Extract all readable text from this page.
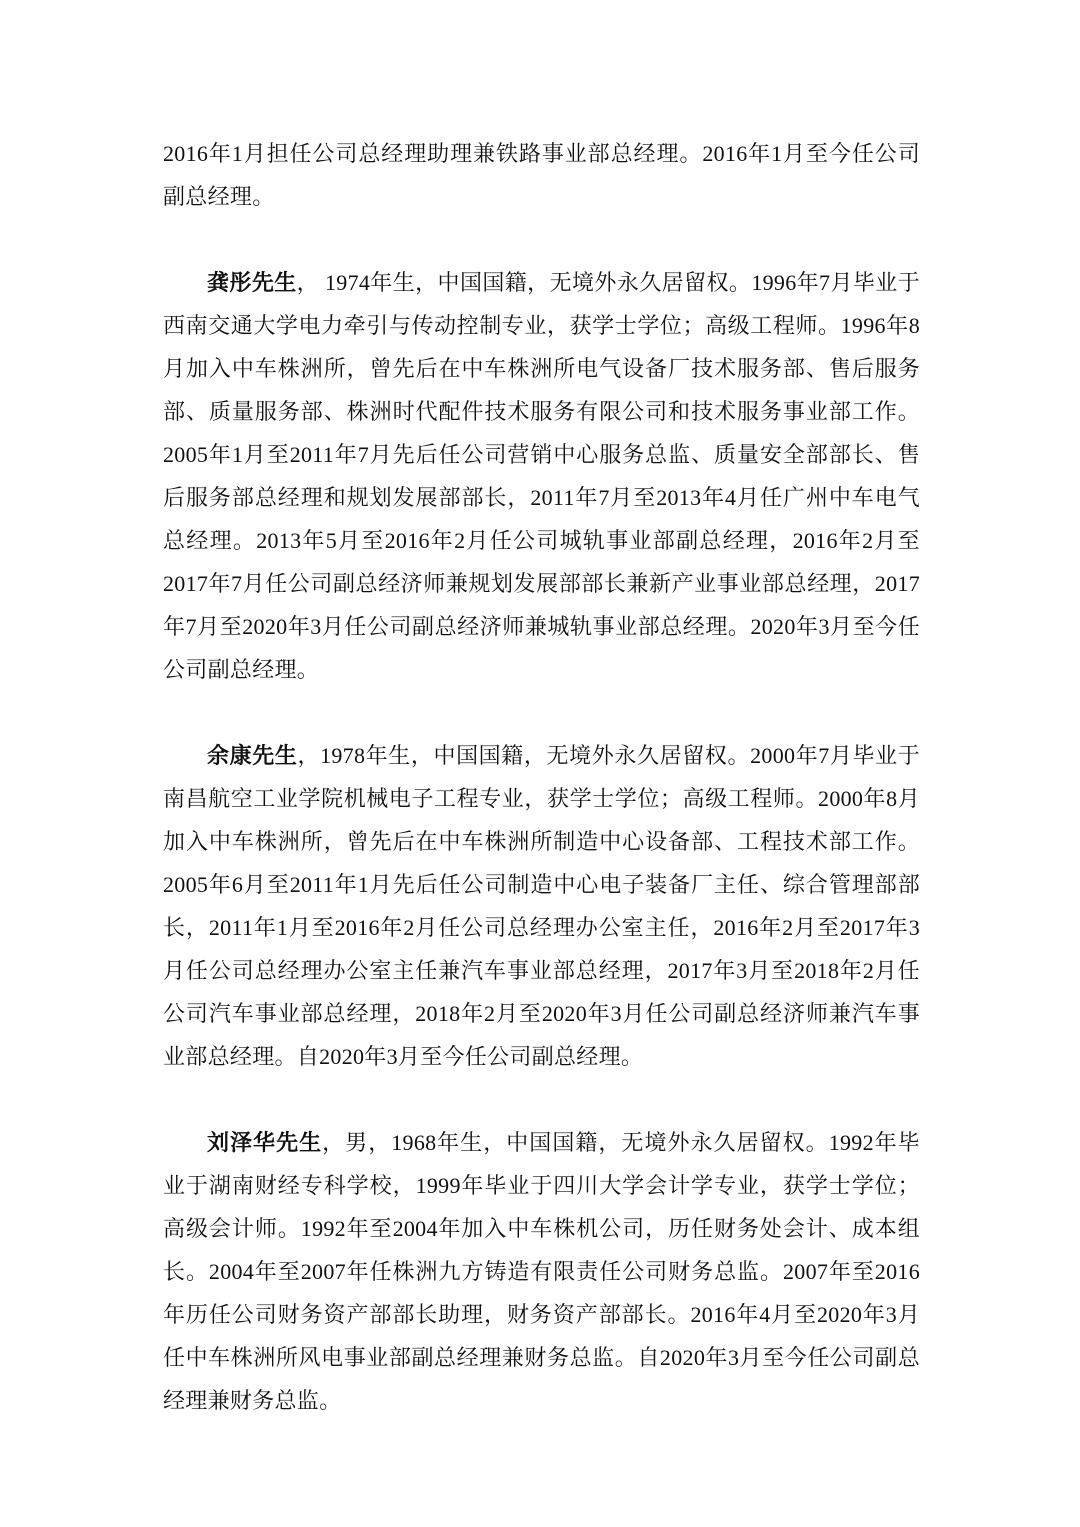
2016年1月担任公司总经理助理兼铁路事业部总经理。2016年1月至今任公司副总经理。

龚彤先生， 1974年生，中国国籍，无境外永久居留权。1996年7月毕业于西南交通大学电力牵引与传动控制专业，获学士学位；高级工程师。1996年8月加入中车株洲所，曾先后在中车株洲所电气设备厂技术服务部、售后服务部、质量服务部、株洲时代配件技术服务有限公司和技术服务事业部工作。2005年1月至2011年7月先后任公司营销中心服务总监、质量安全部部长、售后服务部总经理和规划发展部部长，2011年7月至2013年4月任广州中车电气总经理。2013年5月至2016年2月任公司城轨事业部副总经理，2016年2月至2017年7月任公司副总经济师兼规划发展部部长兼新产业事业部总经理，2017年7月至2020年3月任公司副总经济师兼城轨事业部总经理。2020年3月至今任公司副总经理。

余康先生，1978年生，中国国籍，无境外永久居留权。2000年7月毕业于南昌航空工业学院机械电子工程专业，获学士学位；高级工程师。2000年8月加入中车株洲所，曾先后在中车株洲所制造中心设备部、工程技术部工作。2005年6月至2011年1月先后任公司制造中心电子装备厂主任、综合管理部部长，2011年1月至2016年2月任公司总经理办公室主任，2016年2月至2017年3月任公司总经理办公室主任兼汽车事业部总经理，2017年3月至2018年2月任公司汽车事业部总经理，2018年2月至2020年3月任公司副总经济师兼汽车事业部总经理。自2020年3月至今任公司副总经理。

刘泽华先生，男，1968年生，中国国籍，无境外永久居留权。1992年毕业于湖南财经专科学校，1999年毕业于四川大学会计学专业，获学士学位；高级会计师。1992年至2004年加入中车株机公司，历任财务处会计、成本组长。2004年至2007年任株洲九方铸造有限责任公司财务总监。2007年至2016年历任公司财务资产部部长助理，财务资产部部长。2016年4月至2020年3月任中车株洲所风电事业部副总经理兼财务总监。自2020年3月至今任公司副总经理兼财务总监。
